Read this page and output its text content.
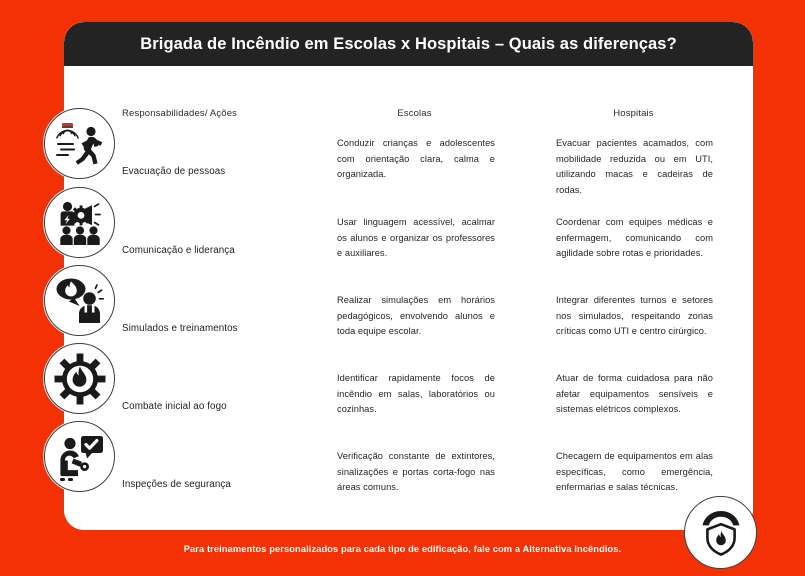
Brigada de Incêndio em Escolas x Hospitais – Quais as diferenças?
Responsabilidades/ Ações	Escolas	Hospitais
Evacuação de pessoas
Conduzir crianças e adolescentes com orientação clara, calma e organizada.
Evacuar pacientes acamados, com mobilidade reduzida ou em UTI, utilizando macas e cadeiras de rodas.
Comunicação e liderança
Usar linguagem acessível, acalmar os alunos e organizar os professores e auxiliares.
Coordenar com equipes médicas e enfermagem, comunicando com agilidade sobre rotas e prioridades.
Simulados e treinamentos
Realizar simulações em horários pedagógicos, envolvendo alunos e toda equipe escolar.
Integrar diferentes turnos e setores nos simulados, respeitando zonas críticas como UTI e centro cirúrgico.
Combate inicial ao fogo
Identificar rapidamente focos de incêndio em salas, laboratórios ou cozinhas.
Atuar de forma cuidadosa para não afetar equipamentos sensíveis e sistemas elétricos complexos.
Inspeções de segurança
Verificação constante de extintores, sinalizações e portas corta-fogo nas áreas comuns.
Checagem de equipamentos em alas específicas, como emergência, enfermarias e salas técnicas.
Para treinamentos personalizados para cada tipo de edificação, fale com a Alternativa Incêndios.
